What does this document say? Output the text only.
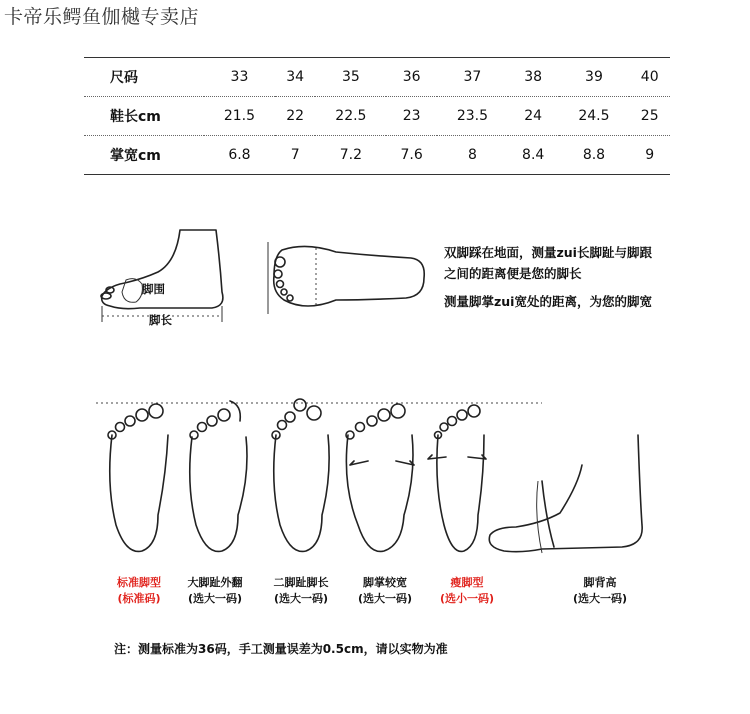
卡帝乐鳄鱼伽樾专卖店
尺码	33	34	35	36	37	38	39	40
鞋长cm	21.5	22	22.5	23	23.5	24	24.5	25
掌宽cm	6.8	7	7.2	7.6	8	8.4	8.8	9
脚围
脚长
双脚踩在地面，测量zui长脚趾与脚跟
之间的距离便是您的脚长
测量脚掌zui宽处的距离，为您的脚宽
标准脚型
(标准码)
大脚趾外翻
(选大一码)
二脚趾脚长
(选大一码)
脚掌较宽
(选大一码)
瘦脚型
(选小一码)
脚背高
(选大一码)
注：测量标准为36码，手工测量误差为0.5cm，请以实物为准
